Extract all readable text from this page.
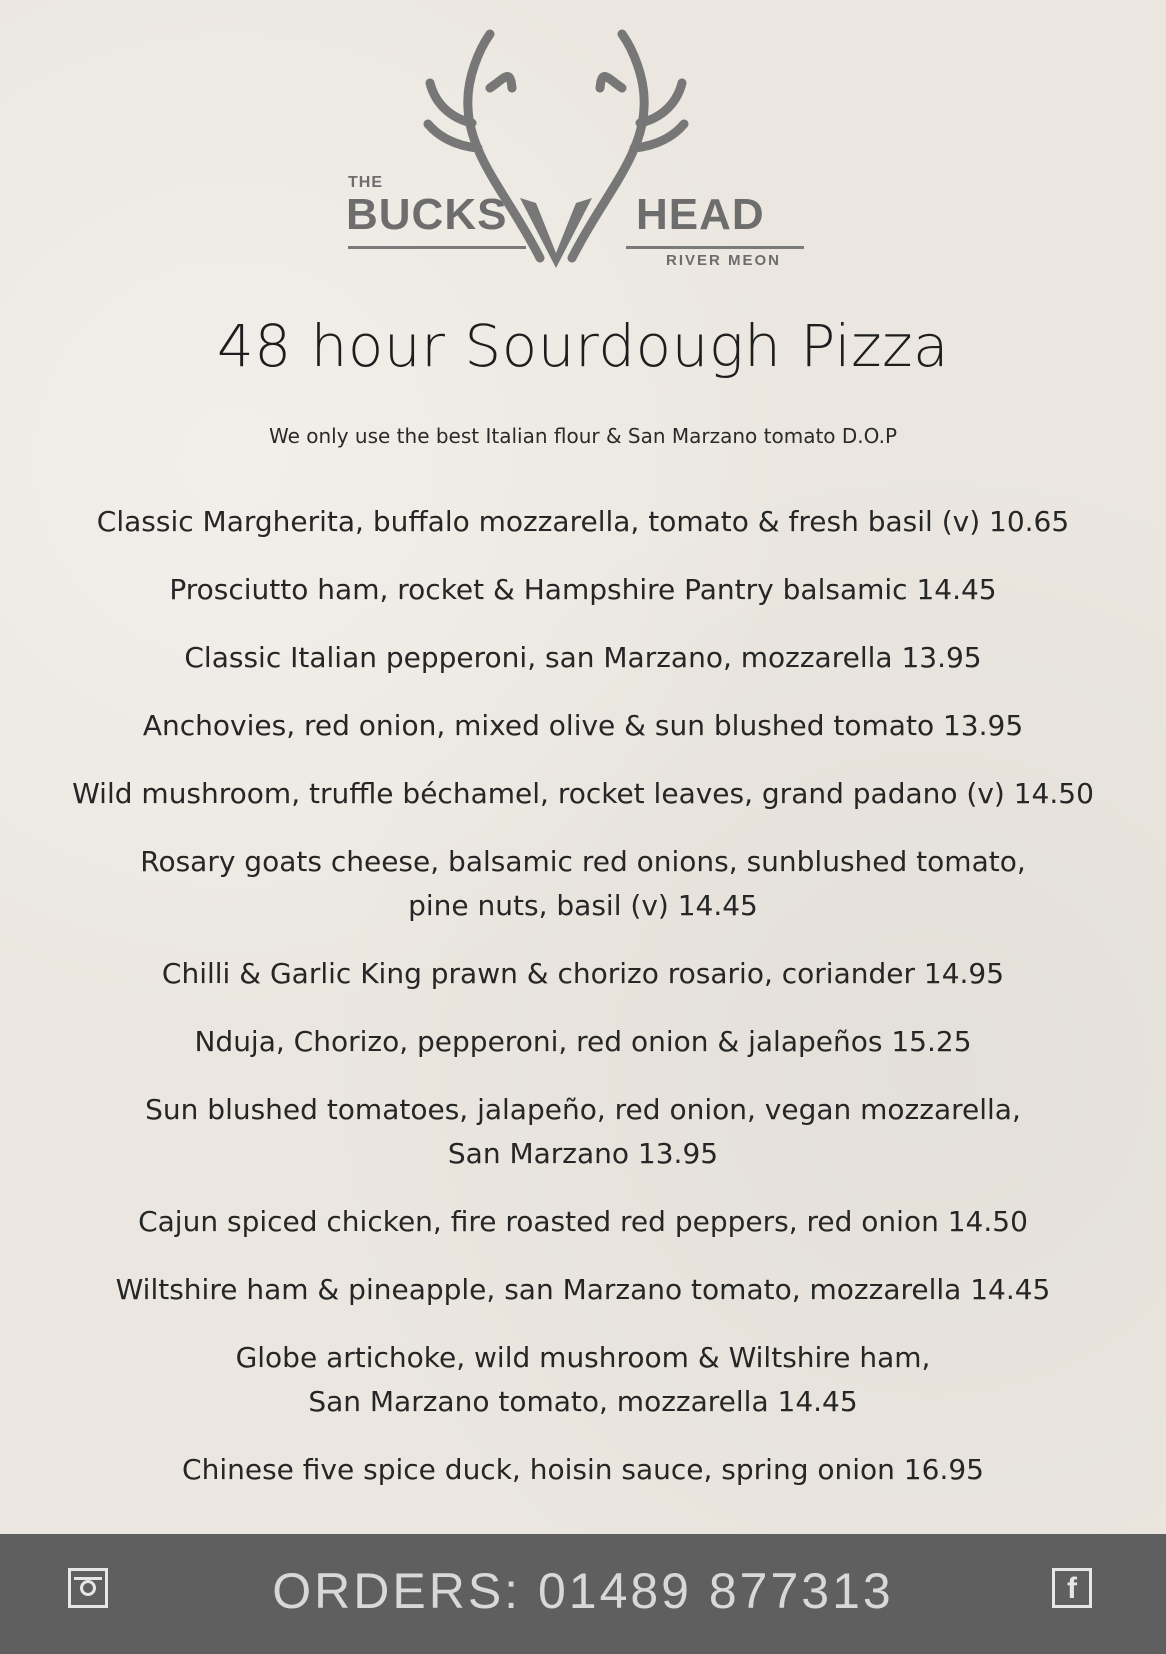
THE
BUCKS	HEAD
RIVER MEON
48 hour Sourdough Pizza
We only use the best Italian flour & San Marzano tomato D.O.P
Classic Margherita, buffalo mozzarella, tomato & fresh basil (v) 10.65
Prosciutto ham, rocket & Hampshire Pantry balsamic 14.45
Classic Italian pepperoni, san Marzano, mozzarella 13.95
Anchovies, red onion, mixed olive & sun blushed tomato 13.95
Wild mushroom, truffle béchamel, rocket leaves, grand padano (v) 14.50
Rosary goats cheese, balsamic red onions, sunblushed tomato,
pine nuts, basil (v) 14.45
Chilli & Garlic King prawn & chorizo rosario, coriander 14.95
Nduja, Chorizo, pepperoni, red onion & jalapeños 15.25
Sun blushed tomatoes, jalapeño, red onion, vegan mozzarella,
San Marzano 13.95
Cajun spiced chicken, fire roasted red peppers, red onion 14.50
Wiltshire ham & pineapple, san Marzano tomato, mozzarella 14.45
Globe artichoke, wild mushroom & Wiltshire ham,
San Marzano tomato, mozzarella 14.45
Chinese five spice duck, hoisin sauce, spring onion 16.95
ORDERS: 01489 877313	f
